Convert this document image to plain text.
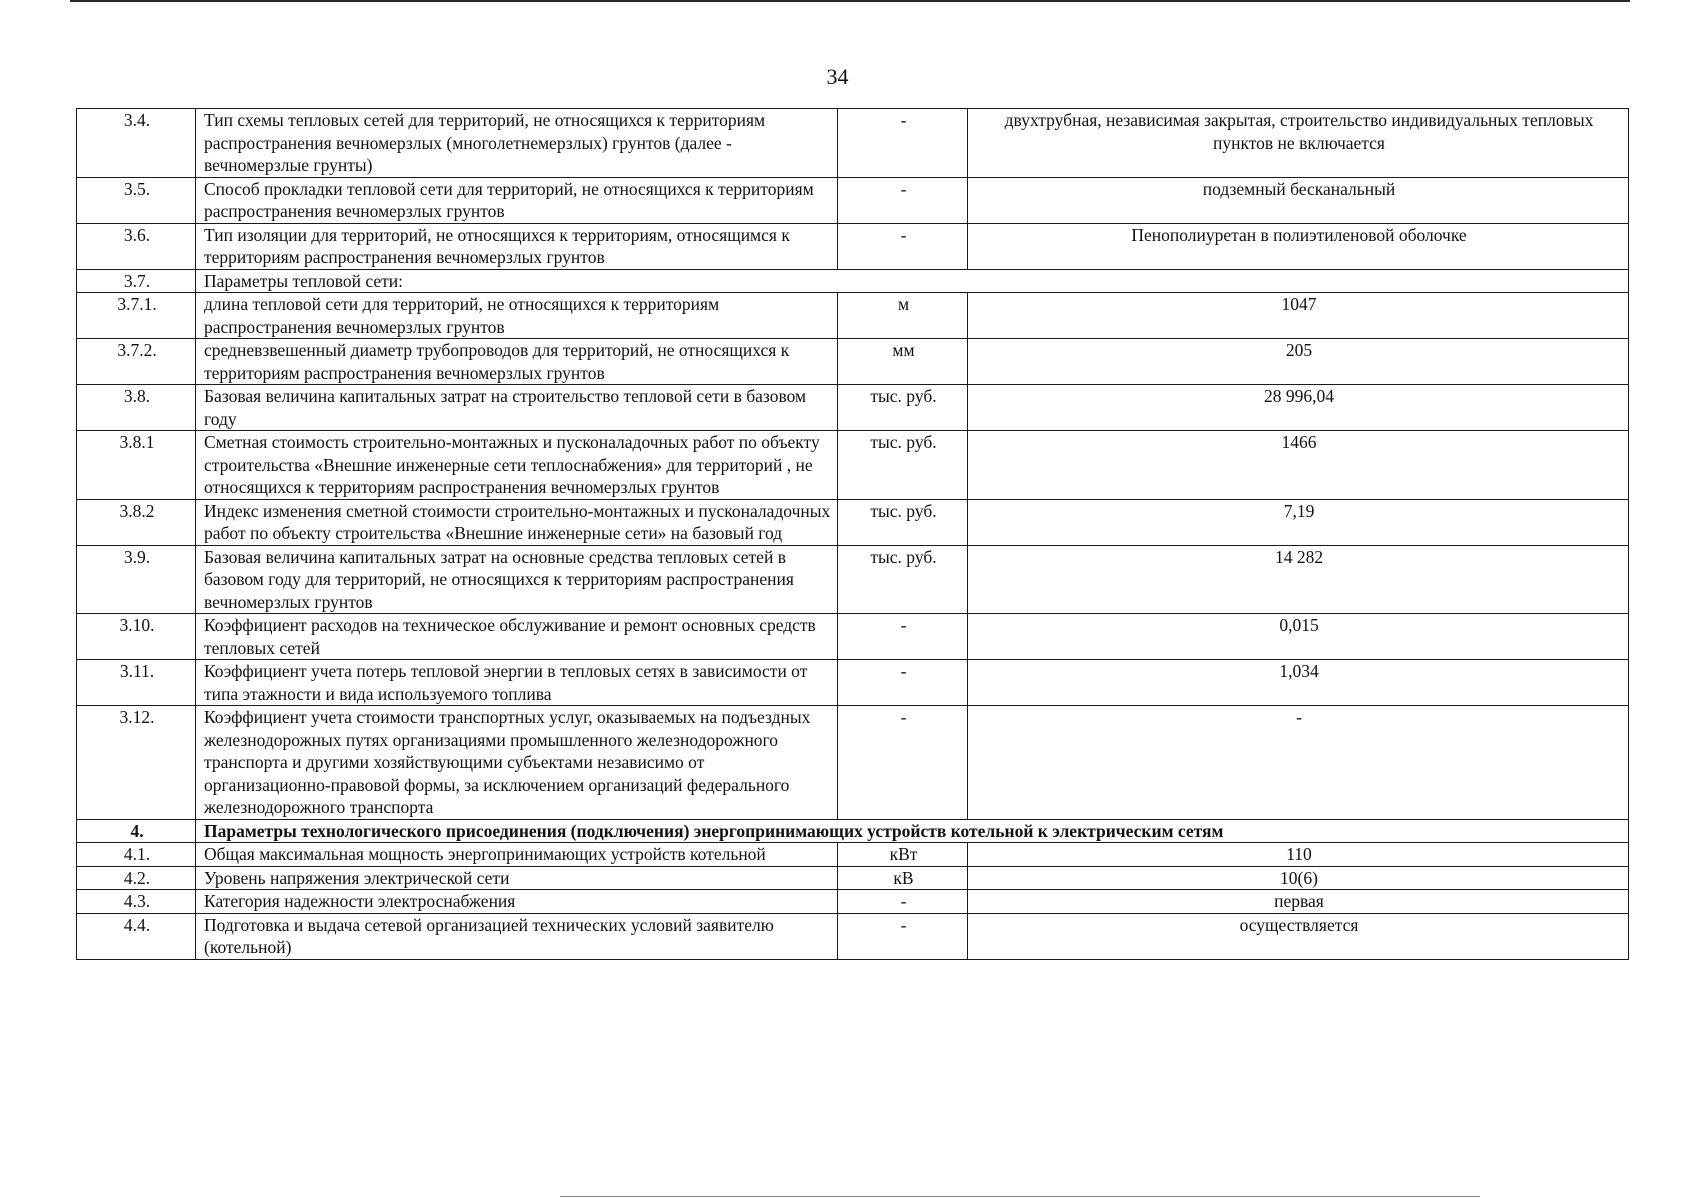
34
3.4.	Тип схемы тепловых сетей для территорий, не относящихся к территориям распространения вечномерзлых (многолетнемерзлых) грунтов (далее - вечномерзлые грунты)	-	двухтрубная, независимая закрытая, строительство индивидуальных тепловых пунктов не включается
3.5.	Способ прокладки тепловой сети для территорий, не относящихся к территориям распространения вечномерзлых грунтов	-	подземный бесканальный
3.6.	Тип изоляции для территорий, не относящихся к территориям, относящимся к территориям распространения вечномерзлых грунтов	-	Пенополиуретан в полиэтиленовой оболочке
3.7.	Параметры тепловой сети:		
3.7.1.	длина тепловой сети для территорий, не относящихся к территориям распространения вечномерзлых грунтов	м	1047
3.7.2.	средневзвешенный диаметр трубопроводов для территорий, не относящихся к территориям распространения вечномерзлых грунтов	мм	205
3.8.	Базовая величина капитальных затрат на строительство тепловой сети в базовом году	тыс. руб.	28 996,04
3.8.1	Сметная стоимость строительно-монтажных и пусконаладочных работ по объекту строительства «Внешние инженерные сети теплоснабжения» для территорий , не относящихся к территориям распространения вечномерзлых грунтов	тыс. руб.	1466
3.8.2	Индекс изменения сметной стоимости строительно-монтажных и пусконаладочных работ по объекту строительства «Внешние инженерные сети» на базовый год	тыс. руб.	7,19
3.9.	Базовая величина капитальных затрат на основные средства тепловых сетей в базовом году для территорий, не относящихся к территориям распространения вечномерзлых грунтов	тыс. руб.	14 282
3.10.	Коэффициент расходов на техническое обслуживание и ремонт основных средств тепловых сетей	-	0,015
3.11.	Коэффициент учета потерь тепловой энергии в тепловых сетях в зависимости от типа этажности и вида используемого топлива	-	1,034
3.12.	Коэффициент учета стоимости транспортных услуг, оказываемых на подъездных железнодорожных путях организациями промышленного железнодорожного транспорта и другими хозяйствующими субъектами независимо от организационно-правовой формы, за исключением организаций федерального железнодорожного транспорта	-	-
4.	Параметры технологического присоединения (подключения) энергопринимающих устройств котельной к электрическим сетям		
4.1.	Общая максимальная мощность энергопринимающих устройств котельной	кВт	110
4.2.	Уровень напряжения электрической сети	кВ	10(6)
4.3.	Категория надежности электроснабжения	-	первая
4.4.	Подготовка и выдача сетевой организацией технических условий заявителю (котельной)	-	осуществляется
